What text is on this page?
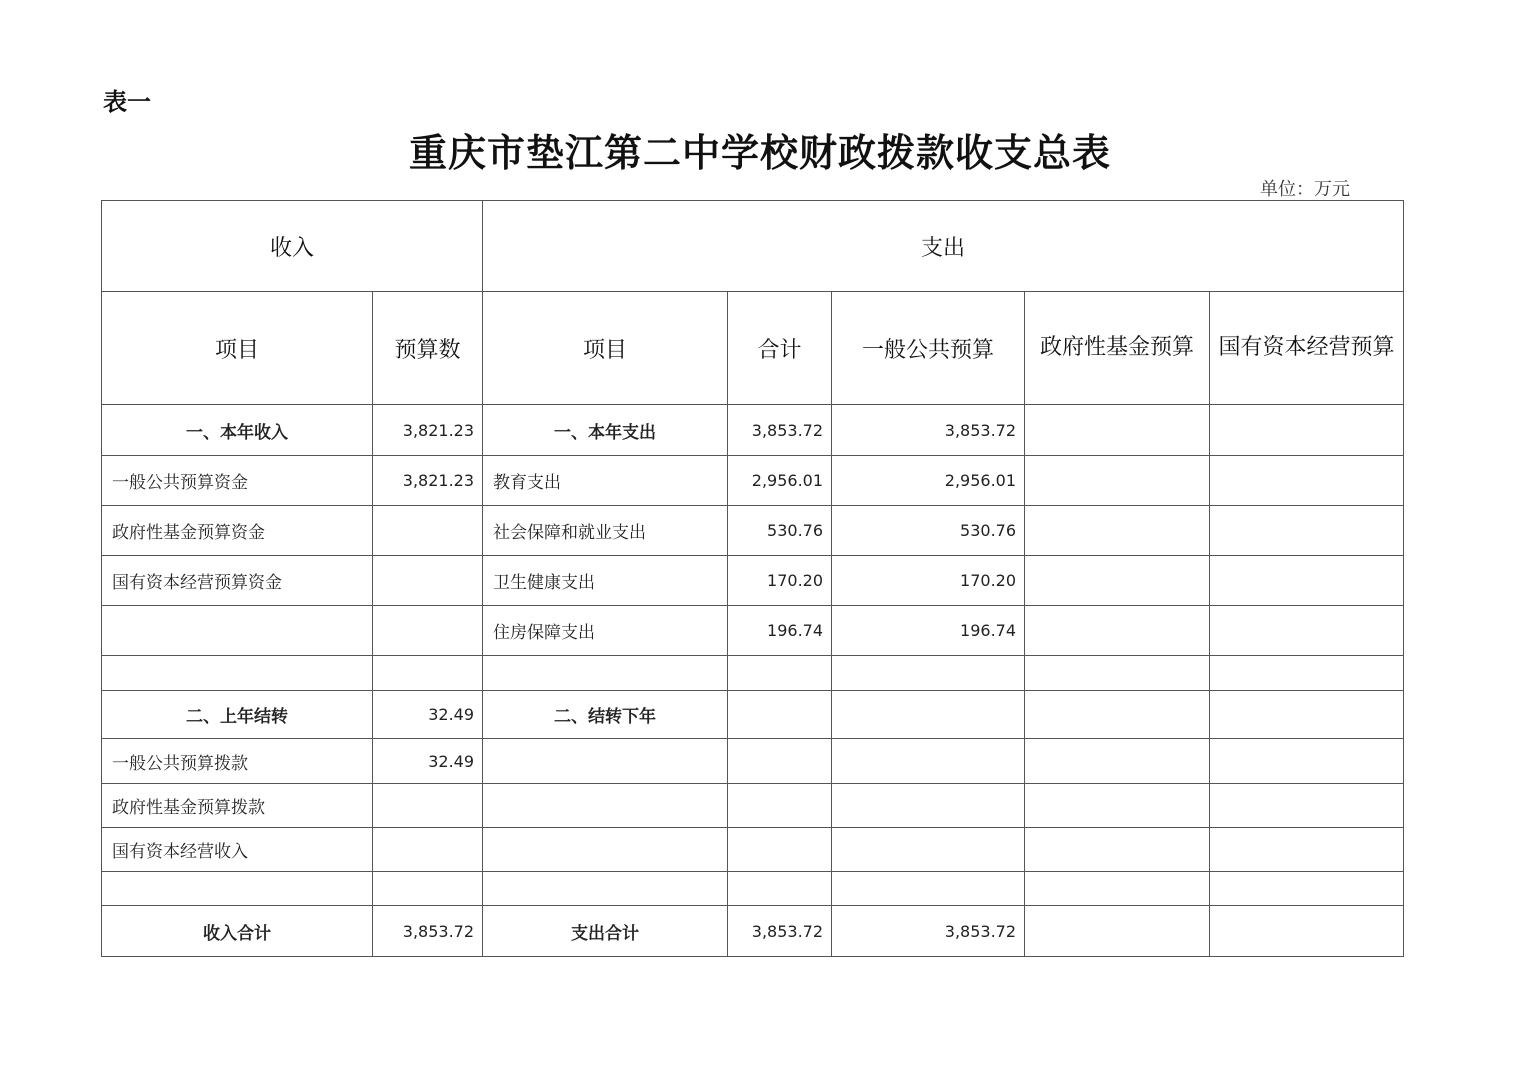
表一
重庆市垫江第二中学校财政拨款收支总表
单位：万元
收入		支出				
项目	预算数	项目	合计	一般公共预算	政府性基金预算	国有资本经营预算
一、本年收入	3,821.23	一、本年支出	3,853.72	3,853.72		
一般公共预算资金	3,821.23	教育支出	2,956.01	2,956.01		
政府性基金预算资金		社会保障和就业支出	530.76	530.76		
国有资本经营预算资金		卫生健康支出	170.20	170.20		
		住房保障支出	196.74	196.74		

二、上年结转	32.49	二、结转下年				
一般公共预算拨款	32.49					
政府性基金预算拨款						
国有资本经营收入						

收入合计	3,853.72	支出合计	3,853.72	3,853.72		
